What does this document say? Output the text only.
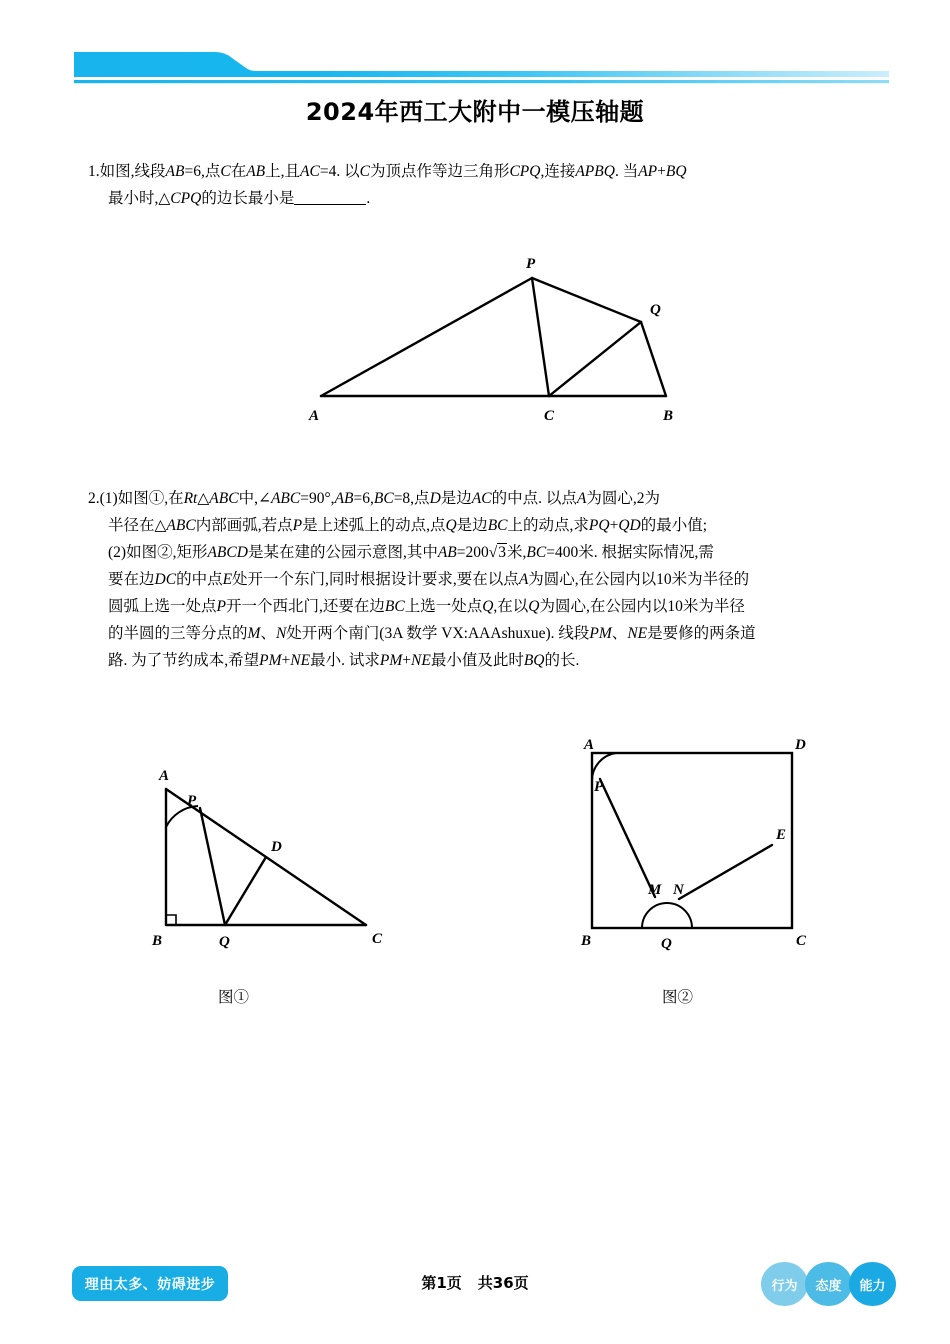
2024年西工大附中一模压轴题
1.如图,线段AB=6,点C在AB上,且AC=4. 以C为顶点作等边三角形CPQ,连接APBQ. 当AP+BQ
最小时,△CPQ的边长最小是	.
A	C	B
P
Q
2.(1)如图①,在Rt△ABC中,∠ABC=90°,AB=6,BC=8,点D是边AC的中点. 以点A为圆心,2为
半径在△ABC内部画弧,若点P是上述弧上的动点,点Q是边BC上的动点,求PQ+QD的最小值;
(2)如图②,矩形ABCD是某在建的公园示意图,其中AB=200√3米,BC=400米. 根据实际情况,需
要在边DC的中点E处开一个东门,同时根据设计要求,要在以点A为圆心,在公园内以10米为半径的
圆弧上选一处点P开一个西北门,还要在边BC上选一处点Q,在以Q为圆心,在公园内以10米为半径
的半圆的三等分点的M、N处开两个南门(3A 数学 VX:AAAshuxue). 线段PM、NE是要修的两条道
路. 为了节约成本,希望PM+NE最小. 试求PM+NE最小值及此时BQ的长.
A
B	C
D
P
Q
图①
A	D
B	C
E
P
M N
Q
图②
理由太多、妨碍进步	第1页 共36页	行为	态度	能力
